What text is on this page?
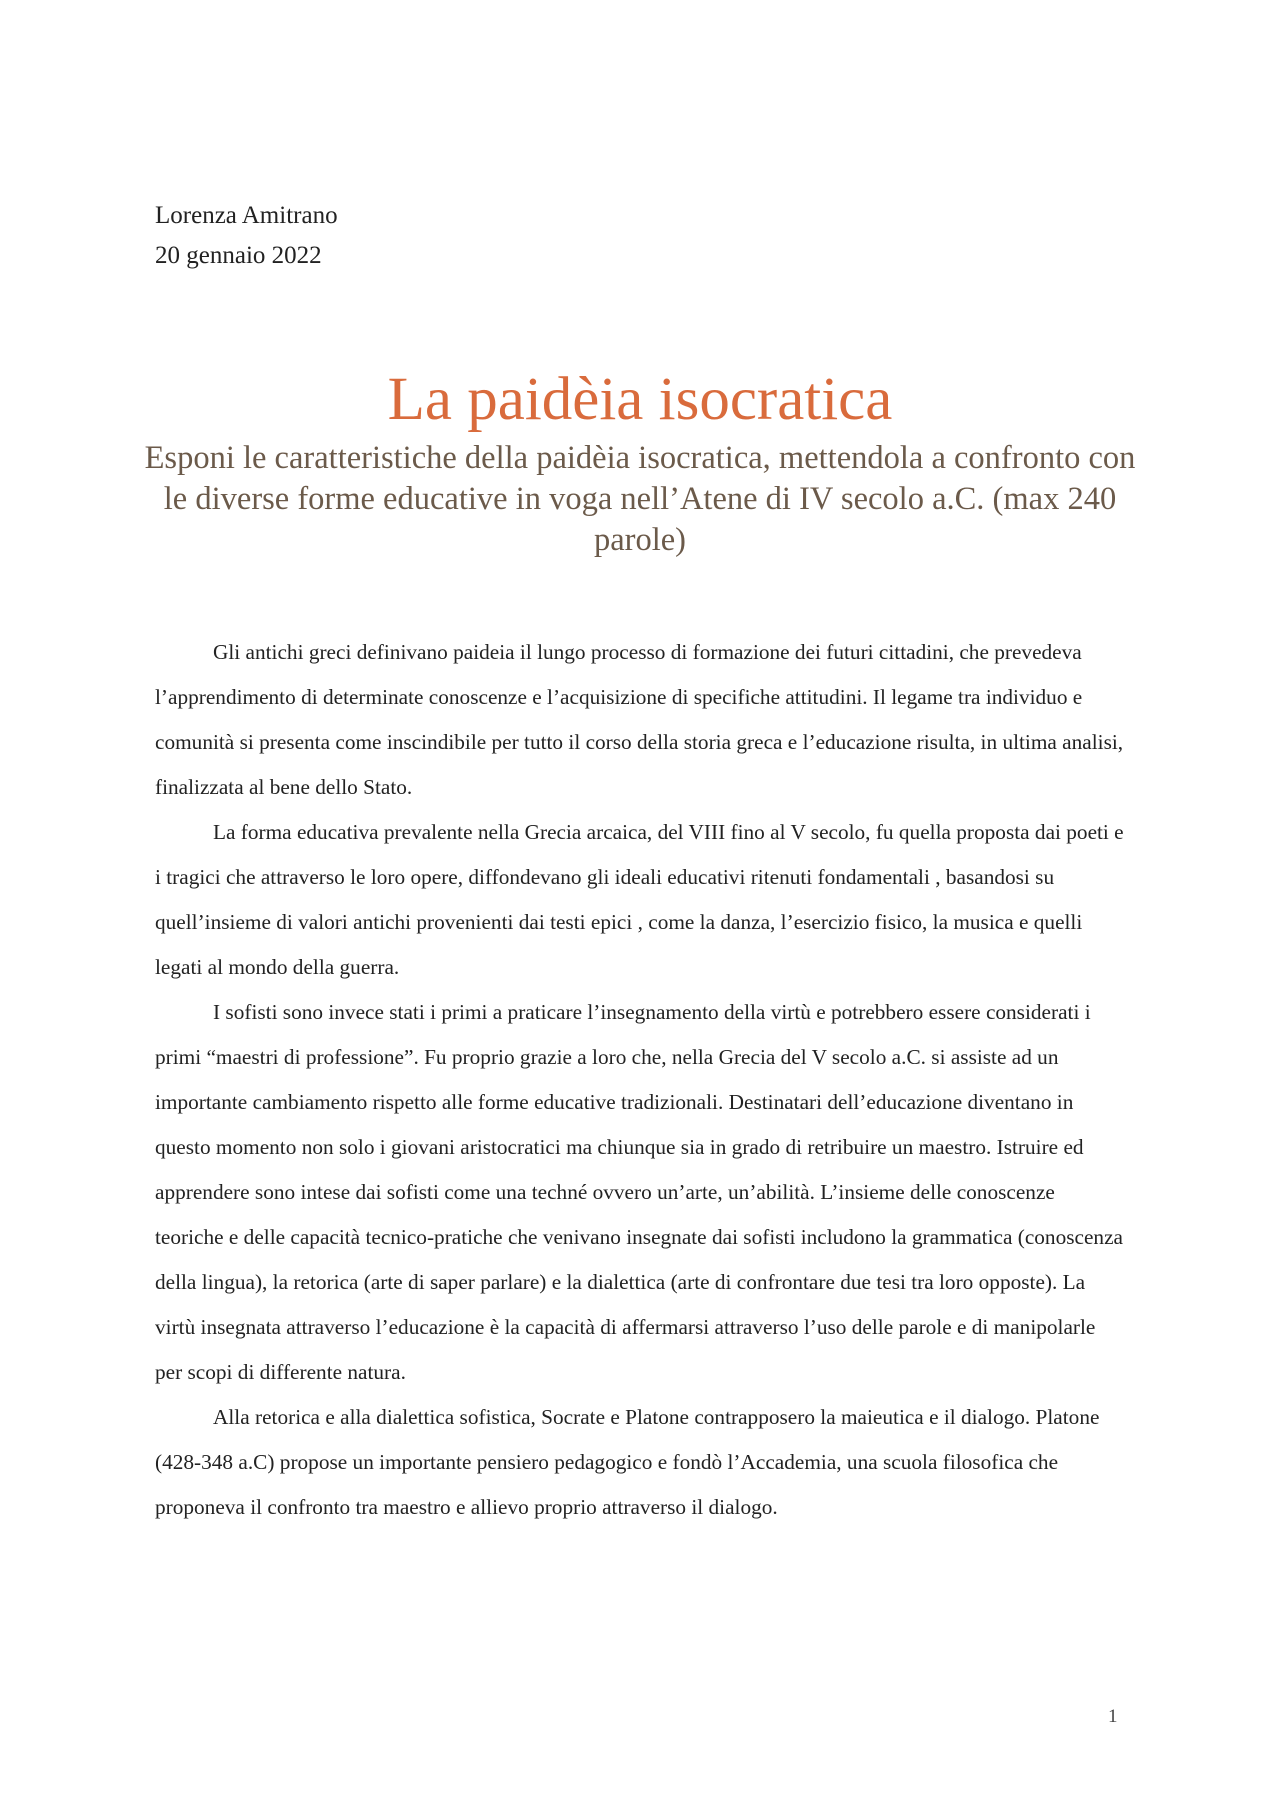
Lorenza Amitrano
20 gennaio 2022
La paidèia isocratica
Esponi le caratteristiche della paidèia isocratica, mettendola a confronto con le diverse forme educative in voga nell’Atene di IV secolo a.C. (max 240 parole)

Gli antichi greci definivano paideia il lungo processo di formazione dei futuri cittadini, che prevedeva l’apprendimento di determinate conoscenze e l’acquisizione di specifiche attitudini. Il legame tra individuo e comunità si presenta come inscindibile per tutto il corso della storia greca e l’educazione risulta, in ultima analisi, finalizzata al bene dello Stato.

La forma educativa prevalente nella Grecia arcaica, del VIII fino al V secolo, fu quella proposta dai poeti e i tragici che attraverso le loro opere, diffondevano gli ideali educativi ritenuti fondamentali , basandosi su quell’insieme di valori antichi provenienti dai testi epici , come la danza, l’esercizio fisico, la musica e quelli legati al mondo della guerra.

I sofisti sono invece stati i primi a praticare l’insegnamento della virtù e potrebbero essere considerati i primi “maestri di professione”. Fu proprio grazie a loro che, nella Grecia del V secolo a.C. si assiste ad un importante cambiamento rispetto alle forme educative tradizionali. Destinatari dell’educazione diventano in questo momento non solo i giovani aristocratici ma chiunque sia in grado di retribuire un maestro. Istruire ed apprendere sono intese dai sofisti come una techné ovvero un’arte, un’abilità. L’insieme delle conoscenze teoriche e delle capacità tecnico-pratiche che venivano insegnate dai sofisti includono la grammatica (conoscenza della lingua), la retorica (arte di saper parlare) e la dialettica (arte di confrontare due tesi tra loro opposte). La virtù insegnata attraverso l’educazione è la capacità di affermarsi attraverso l’uso delle parole e di manipolarle per scopi di differente natura.

Alla retorica e alla dialettica sofistica, Socrate e Platone contrapposero la maieutica e il dialogo. Platone (428-348 a.C) propose un importante pensiero pedagogico e fondò l’Accademia, una scuola filosofica che proponeva il confronto tra maestro e allievo proprio attraverso il dialogo.

1
